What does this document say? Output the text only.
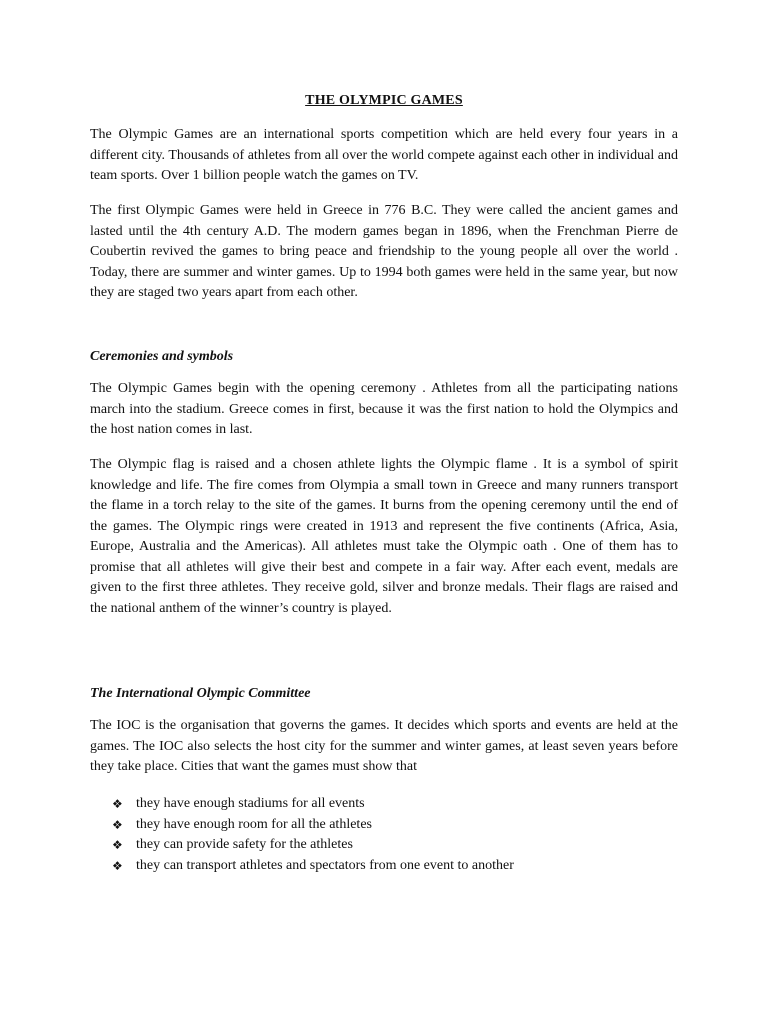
THE OLYMPIC GAMES

The Olympic Games are an international sports competition which are held every four years in a different city. Thousands of athletes from all over the world compete against each other in individual and team sports. Over 1 billion people watch the games on TV.

The first Olympic Games were held in Greece in 776 B.C. They were called the ancient games and lasted until the 4th century A.D. The modern games began in 1896, when the Frenchman Pierre de Coubertin revived the games to bring peace and friendship to the young people all over the world . Today, there are summer and winter games. Up to 1994 both games were held in the same year, but now they are staged two years apart from each other.

Ceremonies and symbols

The Olympic Games begin with the opening ceremony . Athletes from all the participating nations march into the stadium. Greece comes in first, because it was the first nation to hold the Olympics and the host nation comes in last.

The Olympic flag is raised and a chosen athlete lights the Olympic flame . It is a symbol of spirit knowledge and life. The fire comes from Olympia a small town in Greece and many runners transport the flame in a torch relay to the site of the games. It burns from the opening ceremony until the end of the games. The Olympic rings were created in 1913 and represent the five continents (Africa, Asia, Europe, Australia and the Americas). All athletes must take the Olympic oath . One of them has to promise that all athletes will give their best and compete in a fair way. After each event, medals are given to the first three athletes. They receive gold, silver and bronze medals. Their flags are raised and the national anthem of the winner’s country is played.

The International Olympic Committee

The IOC is the organisation that governs the games. It decides which sports and events are held at the games. The IOC also selects the host city for the summer and winter games, at least seven years before they take place. Cities that want the games must show that

❖ they have enough stadiums for all events
❖ they have enough room for all the athletes
❖ they can provide safety for the athletes
❖ they can transport athletes and spectators from one event to another
